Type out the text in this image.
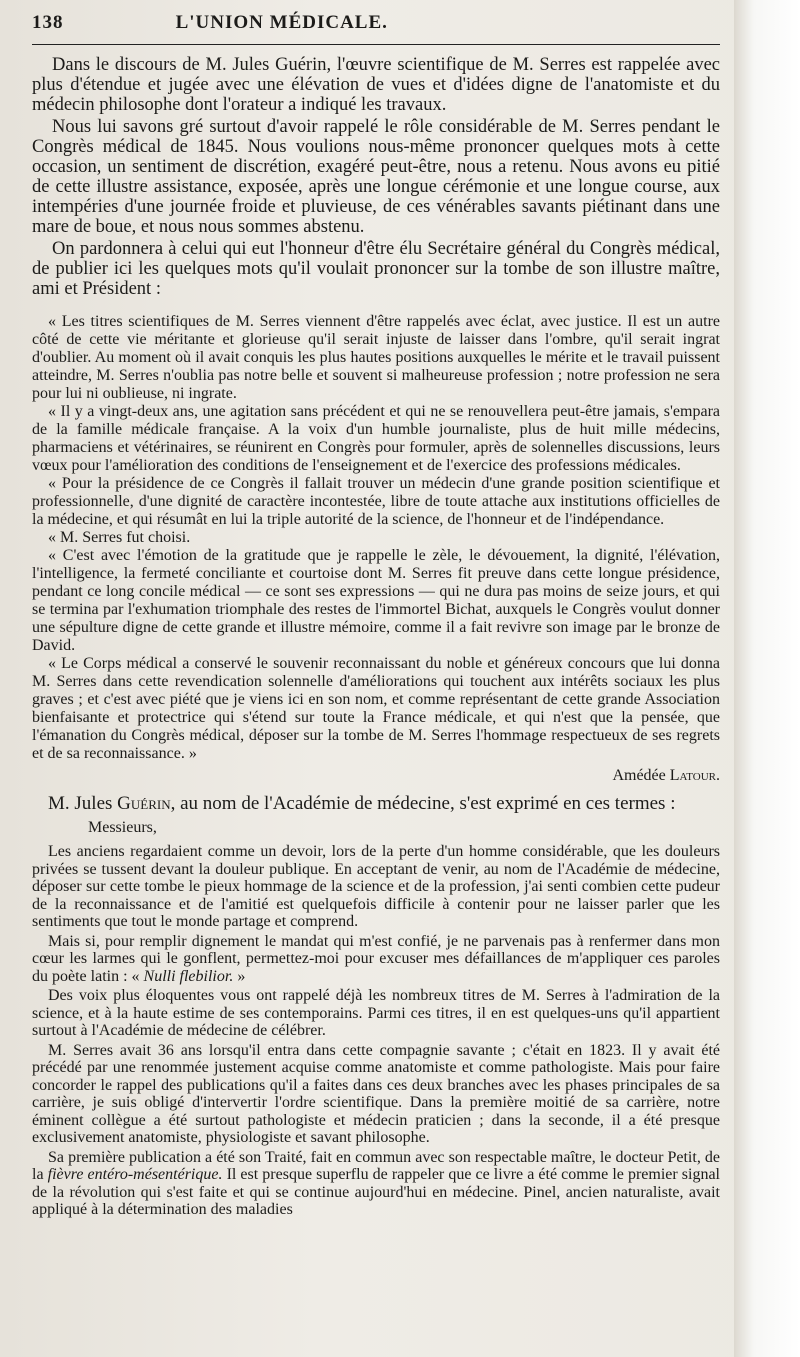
138	L'UNION MÉDICALE.

Dans le discours de M. Jules Guérin, l'œuvre scientifique de M. Serres est rappelée avec plus d'étendue et jugée avec une élévation de vues et d'idées digne de l'anatomiste et du médecin philosophe dont l'orateur a indiqué les travaux.

Nous lui savons gré surtout d'avoir rappelé le rôle considérable de M. Serres pendant le Congrès médical de 1845. Nous voulions nous-même prononcer quelques mots à cette occasion, un sentiment de discrétion, exagéré peut-être, nous a retenu. Nous avons eu pitié de cette illustre assistance, exposée, après une longue cérémonie et une longue course, aux intempéries d'une journée froide et pluvieuse, de ces vénérables savants piétinant dans une mare de boue, et nous nous sommes abstenu.

On pardonnera à celui qui eut l'honneur d'être élu Secrétaire général du Congrès médical, de publier ici les quelques mots qu'il voulait prononcer sur la tombe de son illustre maître, ami et Président :

« Les titres scientifiques de M. Serres viennent d'être rappelés avec éclat, avec justice. Il est un autre côté de cette vie méritante et glorieuse qu'il serait injuste de laisser dans l'ombre, qu'il serait ingrat d'oublier. Au moment où il avait conquis les plus hautes positions auxquelles le mérite et le travail puissent atteindre, M. Serres n'oublia pas notre belle et souvent si malheureuse profession ; notre profession ne sera pour lui ni oublieuse, ni ingrate.

« Il y a vingt-deux ans, une agitation sans précédent et qui ne se renouvellera peut-être jamais, s'empara de la famille médicale française. A la voix d'un humble journaliste, plus de huit mille médecins, pharmaciens et vétérinaires, se réunirent en Congrès pour formuler, après de solennelles discussions, leurs vœux pour l'amélioration des conditions de l'enseignement et de l'exercice des professions médicales.

« Pour la présidence de ce Congrès il fallait trouver un médecin d'une grande position scientifique et professionnelle, d'une dignité de caractère incontestée, libre de toute attache aux institutions officielles de la médecine, et qui résumât en lui la triple autorité de la science, de l'honneur et de l'indépendance.

« M. Serres fut choisi.

« C'est avec l'émotion de la gratitude que je rappelle le zèle, le dévouement, la dignité, l'élévation, l'intelligence, la fermeté conciliante et courtoise dont M. Serres fit preuve dans cette longue présidence, pendant ce long concile médical — ce sont ses expressions — qui ne dura pas moins de seize jours, et qui se termina par l'exhumation triomphale des restes de l'immortel Bichat, auxquels le Congrès voulut donner une sépulture digne de cette grande et illustre mémoire, comme il a fait revivre son image par le bronze de David.

« Le Corps médical a conservé le souvenir reconnaissant du noble et généreux concours que lui donna M. Serres dans cette revendication solennelle d'améliorations qui touchent aux intérêts sociaux les plus graves ; et c'est avec piété que je viens ici en son nom, et comme représentant de cette grande Association bienfaisante et protectrice qui s'étend sur toute la France médicale, et qui n'est que la pensée, que l'émanation du Congrès médical, déposer sur la tombe de M. Serres l'hommage respectueux de ses regrets et de sa reconnaissance. »

Amédée Latour.
M. Jules Guérin, au nom de l'Académie de médecine, s'est exprimé en ces termes :
Messieurs,

Les anciens regardaient comme un devoir, lors de la perte d'un homme considérable, que les douleurs privées se tussent devant la douleur publique. En acceptant de venir, au nom de l'Académie de médecine, déposer sur cette tombe le pieux hommage de la science et de la profession, j'ai senti combien cette pudeur de la reconnaissance et de l'amitié est quelquefois difficile à contenir pour ne laisser parler que les sentiments que tout le monde partage et comprend.

Mais si, pour remplir dignement le mandat qui m'est confié, je ne parvenais pas à renfermer dans mon cœur les larmes qui le gonflent, permettez-moi pour excuser mes défaillances de m'appliquer ces paroles du poète latin : « Nulli flebilior. »

Des voix plus éloquentes vous ont rappelé déjà les nombreux titres de M. Serres à l'admiration de la science, et à la haute estime de ses contemporains. Parmi ces titres, il en est quelques-uns qu'il appartient surtout à l'Académie de médecine de célébrer.

M. Serres avait 36 ans lorsqu'il entra dans cette compagnie savante ; c'était en 1823. Il y avait été précédé par une renommée justement acquise comme anatomiste et comme pathologiste. Mais pour faire concorder le rappel des publications qu'il a faites dans ces deux branches avec les phases principales de sa carrière, je suis obligé d'intervertir l'ordre scientifique. Dans la première moitié de sa carrière, notre éminent collègue a été surtout pathologiste et médecin praticien ; dans la seconde, il a été presque exclusivement anatomiste, physiologiste et savant philosophe.

Sa première publication a été son Traité, fait en commun avec son respectable maître, le docteur Petit, de la fièvre entéro-mésentérique. Il est presque superflu de rappeler que ce livre a été comme le premier signal de la révolution qui s'est faite et qui se continue aujourd'hui en médecine. Pinel, ancien naturaliste, avait appliqué à la détermination des maladies
